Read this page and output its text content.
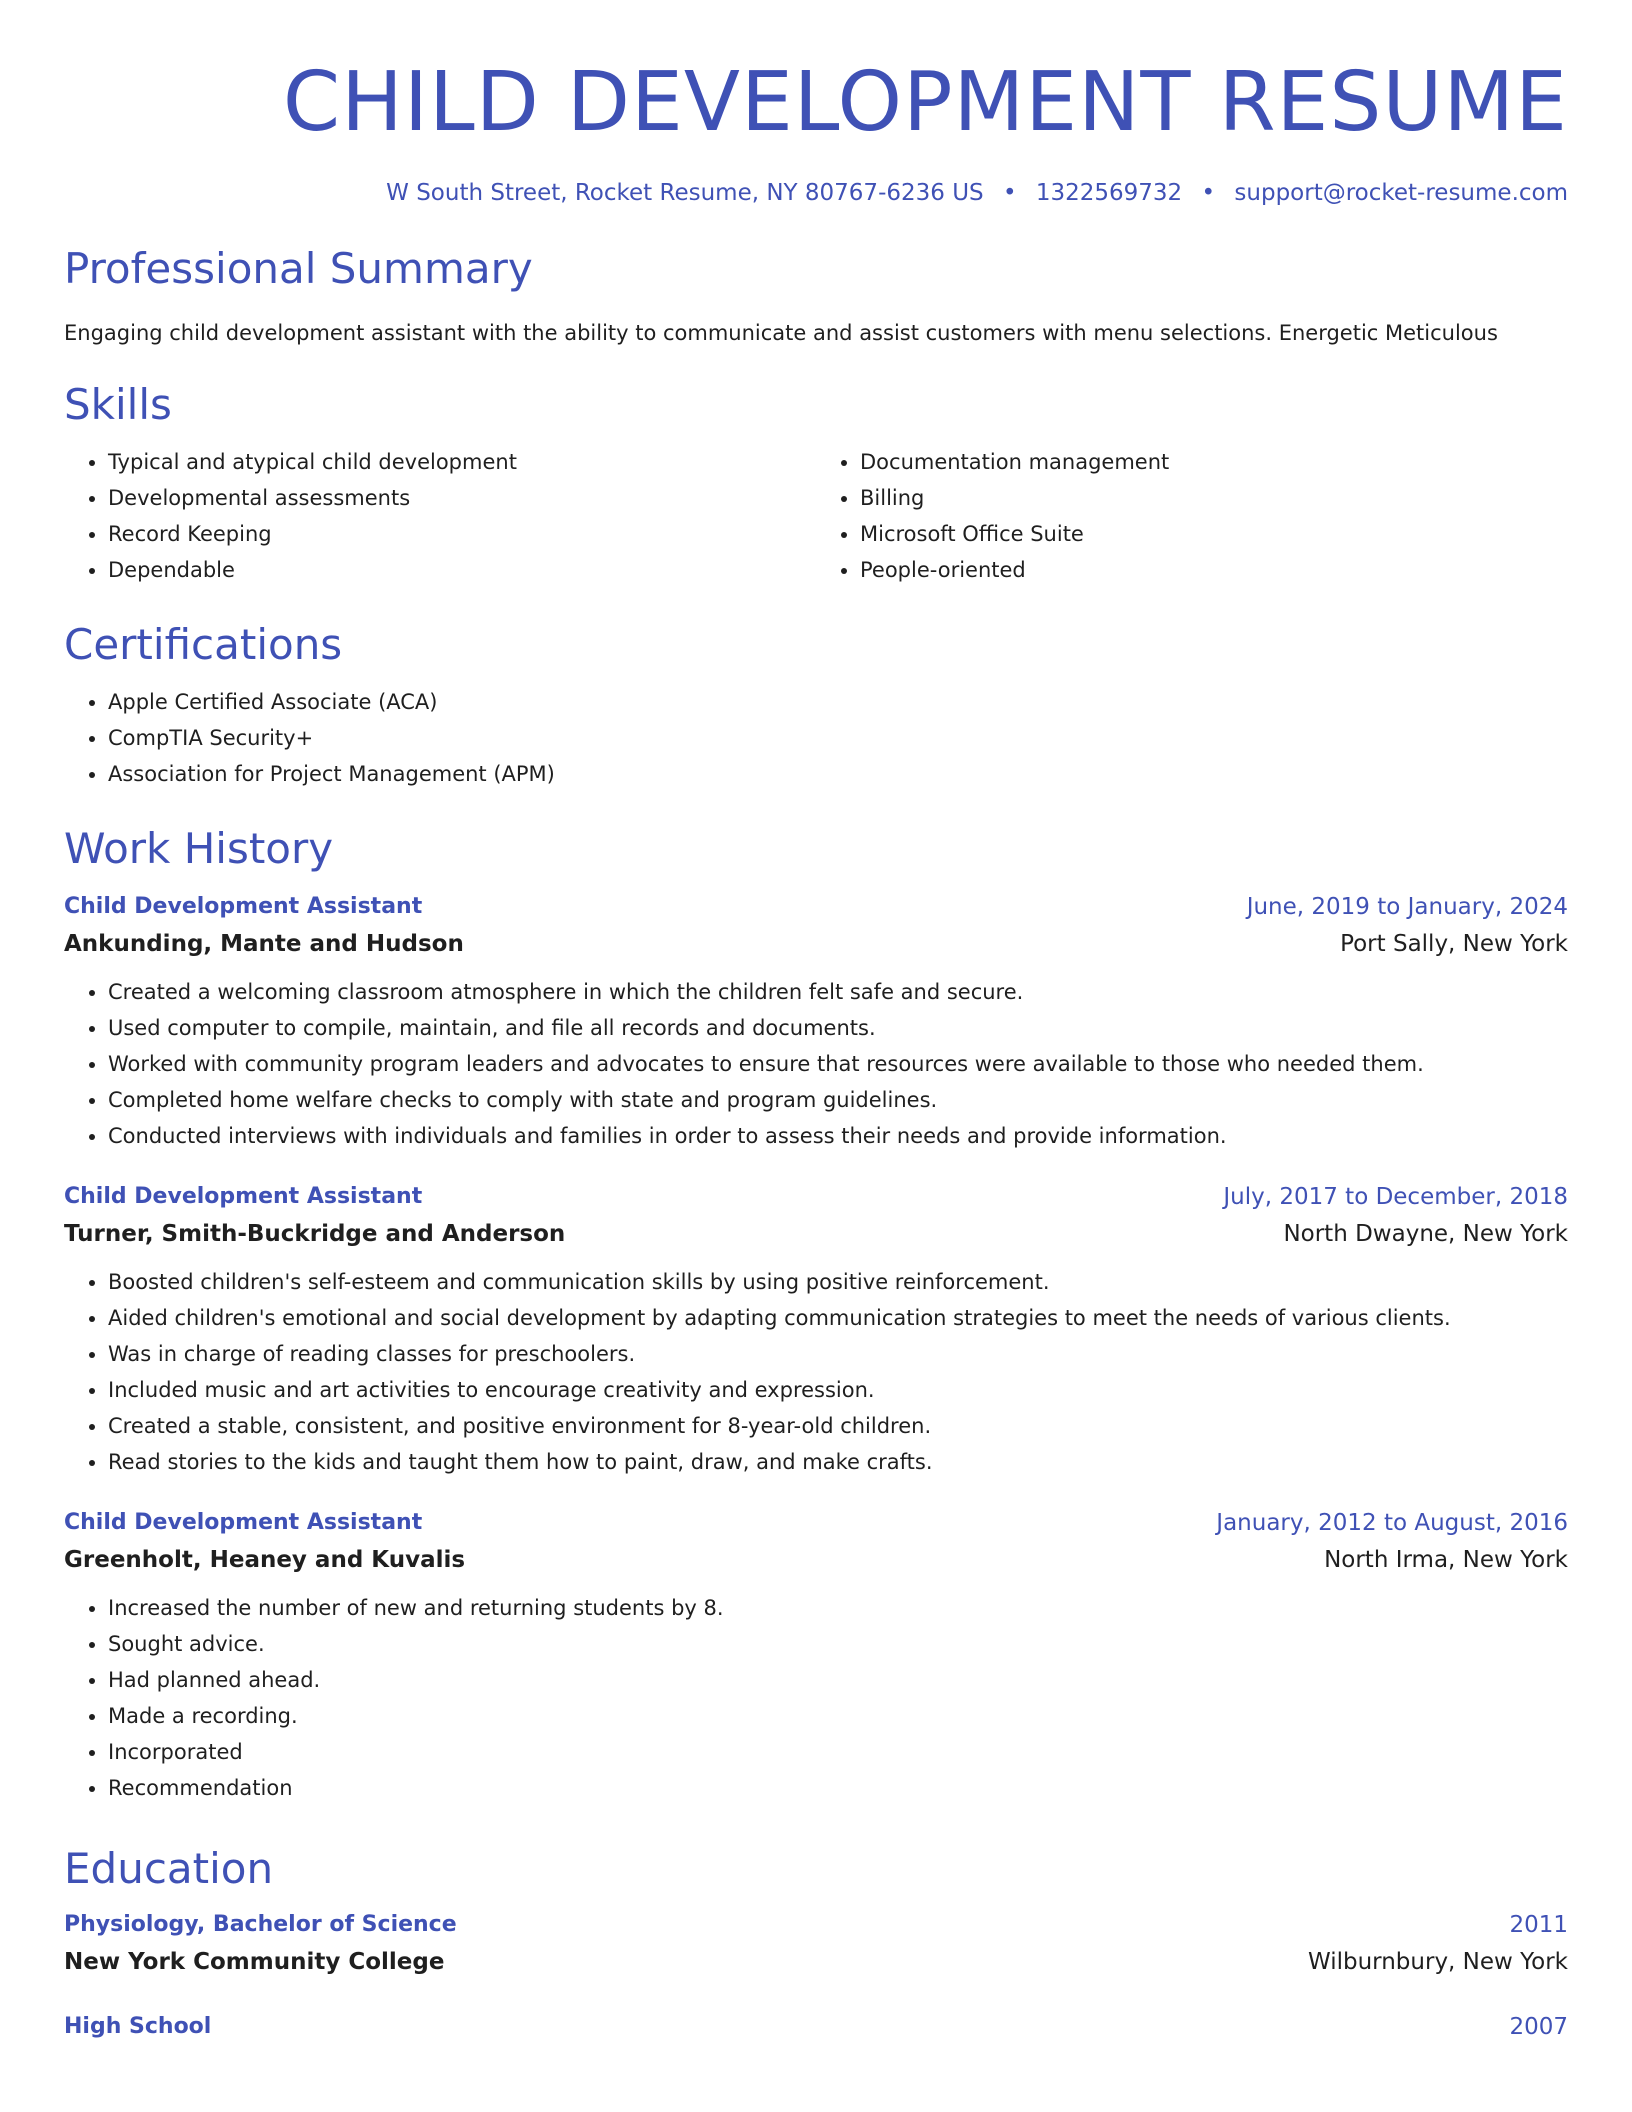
CHILD DEVELOPMENT RESUME
W South Street, Rocket Resume, NY 80767-6236 US • 1322569732 • support@rocket-resume.com
Professional Summary
Engaging child development assistant with the ability to communicate and assist customers with menu selections. Energetic Meticulous
Skills
• Typical and atypical child development
• Developmental assessments
• Record Keeping
• Dependable
• Documentation management
• Billing
• Microsoft Office Suite
• People-oriented
Certifications
• Apple Certified Associate (ACA)
• CompTIA Security+
• Association for Project Management (APM)
Work History
Child Development Assistant	June, 2019 to January, 2024
Ankunding, Mante and Hudson	Port Sally, New York
• Created a welcoming classroom atmosphere in which the children felt safe and secure.
• Used computer to compile, maintain, and file all records and documents.
• Worked with community program leaders and advocates to ensure that resources were available to those who needed them.
• Completed home welfare checks to comply with state and program guidelines.
• Conducted interviews with individuals and families in order to assess their needs and provide information.
Child Development Assistant	July, 2017 to December, 2018
Turner, Smith-Buckridge and Anderson	North Dwayne, New York
• Boosted children's self-esteem and communication skills by using positive reinforcement.
• Aided children's emotional and social development by adapting communication strategies to meet the needs of various clients.
• Was in charge of reading classes for preschoolers.
• Included music and art activities to encourage creativity and expression.
• Created a stable, consistent, and positive environment for 8-year-old children.
• Read stories to the kids and taught them how to paint, draw, and make crafts.
Child Development Assistant	January, 2012 to August, 2016
Greenholt, Heaney and Kuvalis	North Irma, New York
• Increased the number of new and returning students by 8.
• Sought advice.
• Had planned ahead.
• Made a recording.
• Incorporated
• Recommendation
Education
Physiology, Bachelor of Science	2011
New York Community College	Wilburnbury, New York
High School	2007
